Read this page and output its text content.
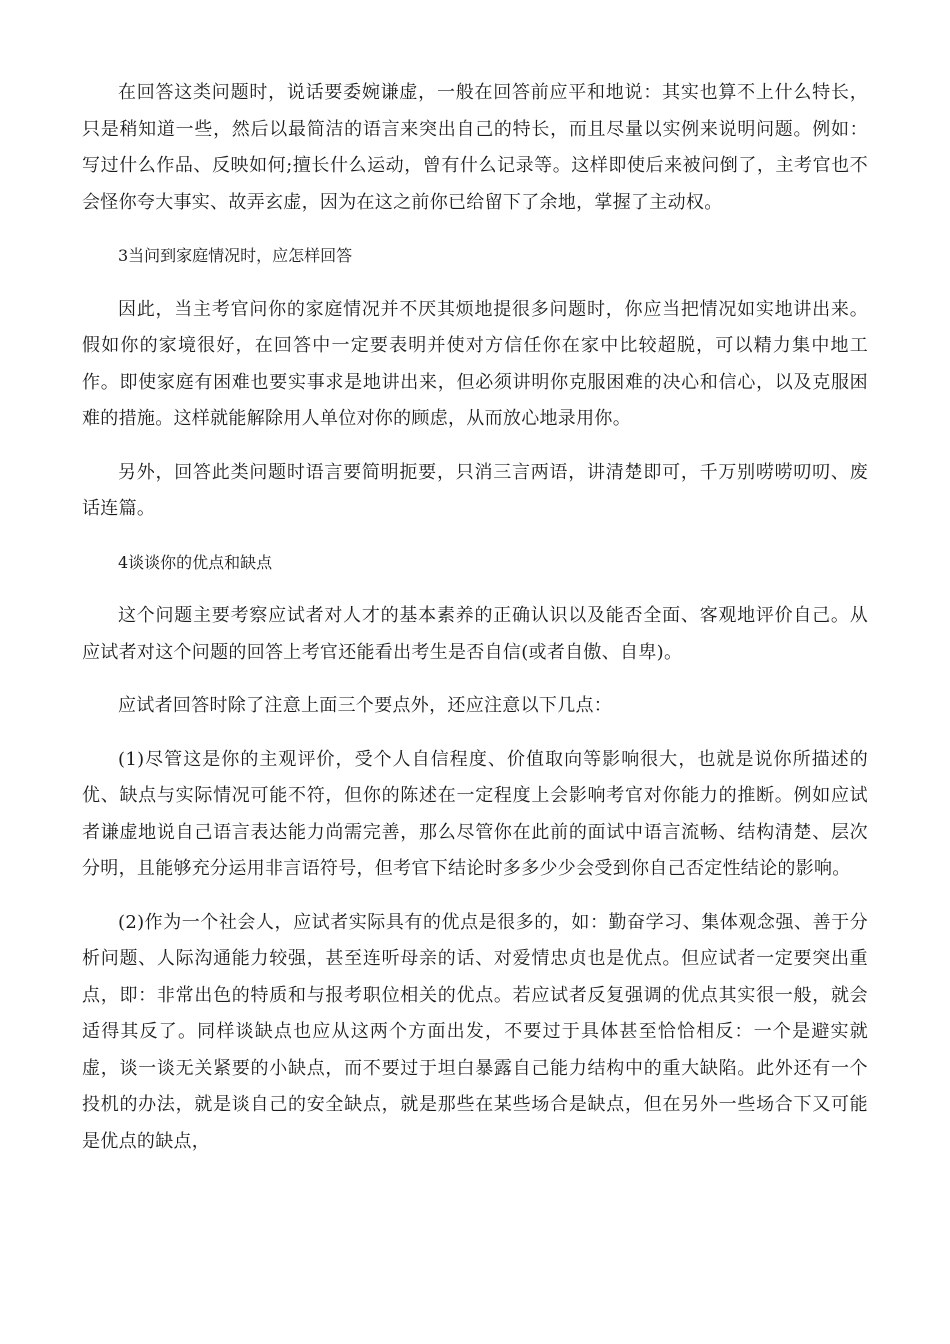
在回答这类问题时，说话要委婉谦虚，一般在回答前应平和地说：其实也算不上什么特长，只是稍知道一些，然后以最简洁的语言来突出自己的特长，而且尽量以实例来说明问题。例如：写过什么作品、反映如何;擅长什么运动，曾有什么记录等。这样即使后来被问倒了，主考官也不会怪你夸大事实、故弄玄虚，因为在这之前你已给留下了余地，掌握了主动权。

3当问到家庭情况时，应怎样回答

因此，当主考官问你的家庭情况并不厌其烦地提很多问题时，你应当把情况如实地讲出来。假如你的家境很好，在回答中一定要表明并使对方信任你在家中比较超脱，可以精力集中地工作。即使家庭有困难也要实事求是地讲出来，但必须讲明你克服困难的决心和信心，以及克服困难的措施。这样就能解除用人单位对你的顾虑，从而放心地录用你。

另外，回答此类问题时语言要简明扼要，只消三言两语，讲清楚即可，千万别唠唠叨叨、废话连篇。

4谈谈你的优点和缺点

这个问题主要考察应试者对人才的基本素养的正确认识以及能否全面、客观地评价自己。从应试者对这个问题的回答上考官还能看出考生是否自信(或者自傲、自卑)。

应试者回答时除了注意上面三个要点外，还应注意以下几点：

(1)尽管这是你的主观评价，受个人自信程度、价值取向等影响很大，也就是说你所描述的优、缺点与实际情况可能不符，但你的陈述在一定程度上会影响考官对你能力的推断。例如应试者谦虚地说自己语言表达能力尚需完善，那么尽管你在此前的面试中语言流畅、结构清楚、层次分明，且能够充分运用非言语符号，但考官下结论时多多少少会受到你自己否定性结论的影响。

(2)作为一个社会人，应试者实际具有的优点是很多的，如：勤奋学习、集体观念强、善于分析问题、人际沟通能力较强，甚至连听母亲的话、对爱情忠贞也是优点。但应试者一定要突出重点，即：非常出色的特质和与报考职位相关的优点。若应试者反复强调的优点其实很一般，就会适得其反了。同样谈缺点也应从这两个方面出发，不要过于具体甚至恰恰相反：一个是避实就虚，谈一谈无关紧要的小缺点，而不要过于坦白暴露自己能力结构中的重大缺陷。此外还有一个投机的办法，就是谈自己的安全缺点，就是那些在某些场合是缺点，但在另外一些场合下又可能是优点的缺点，
